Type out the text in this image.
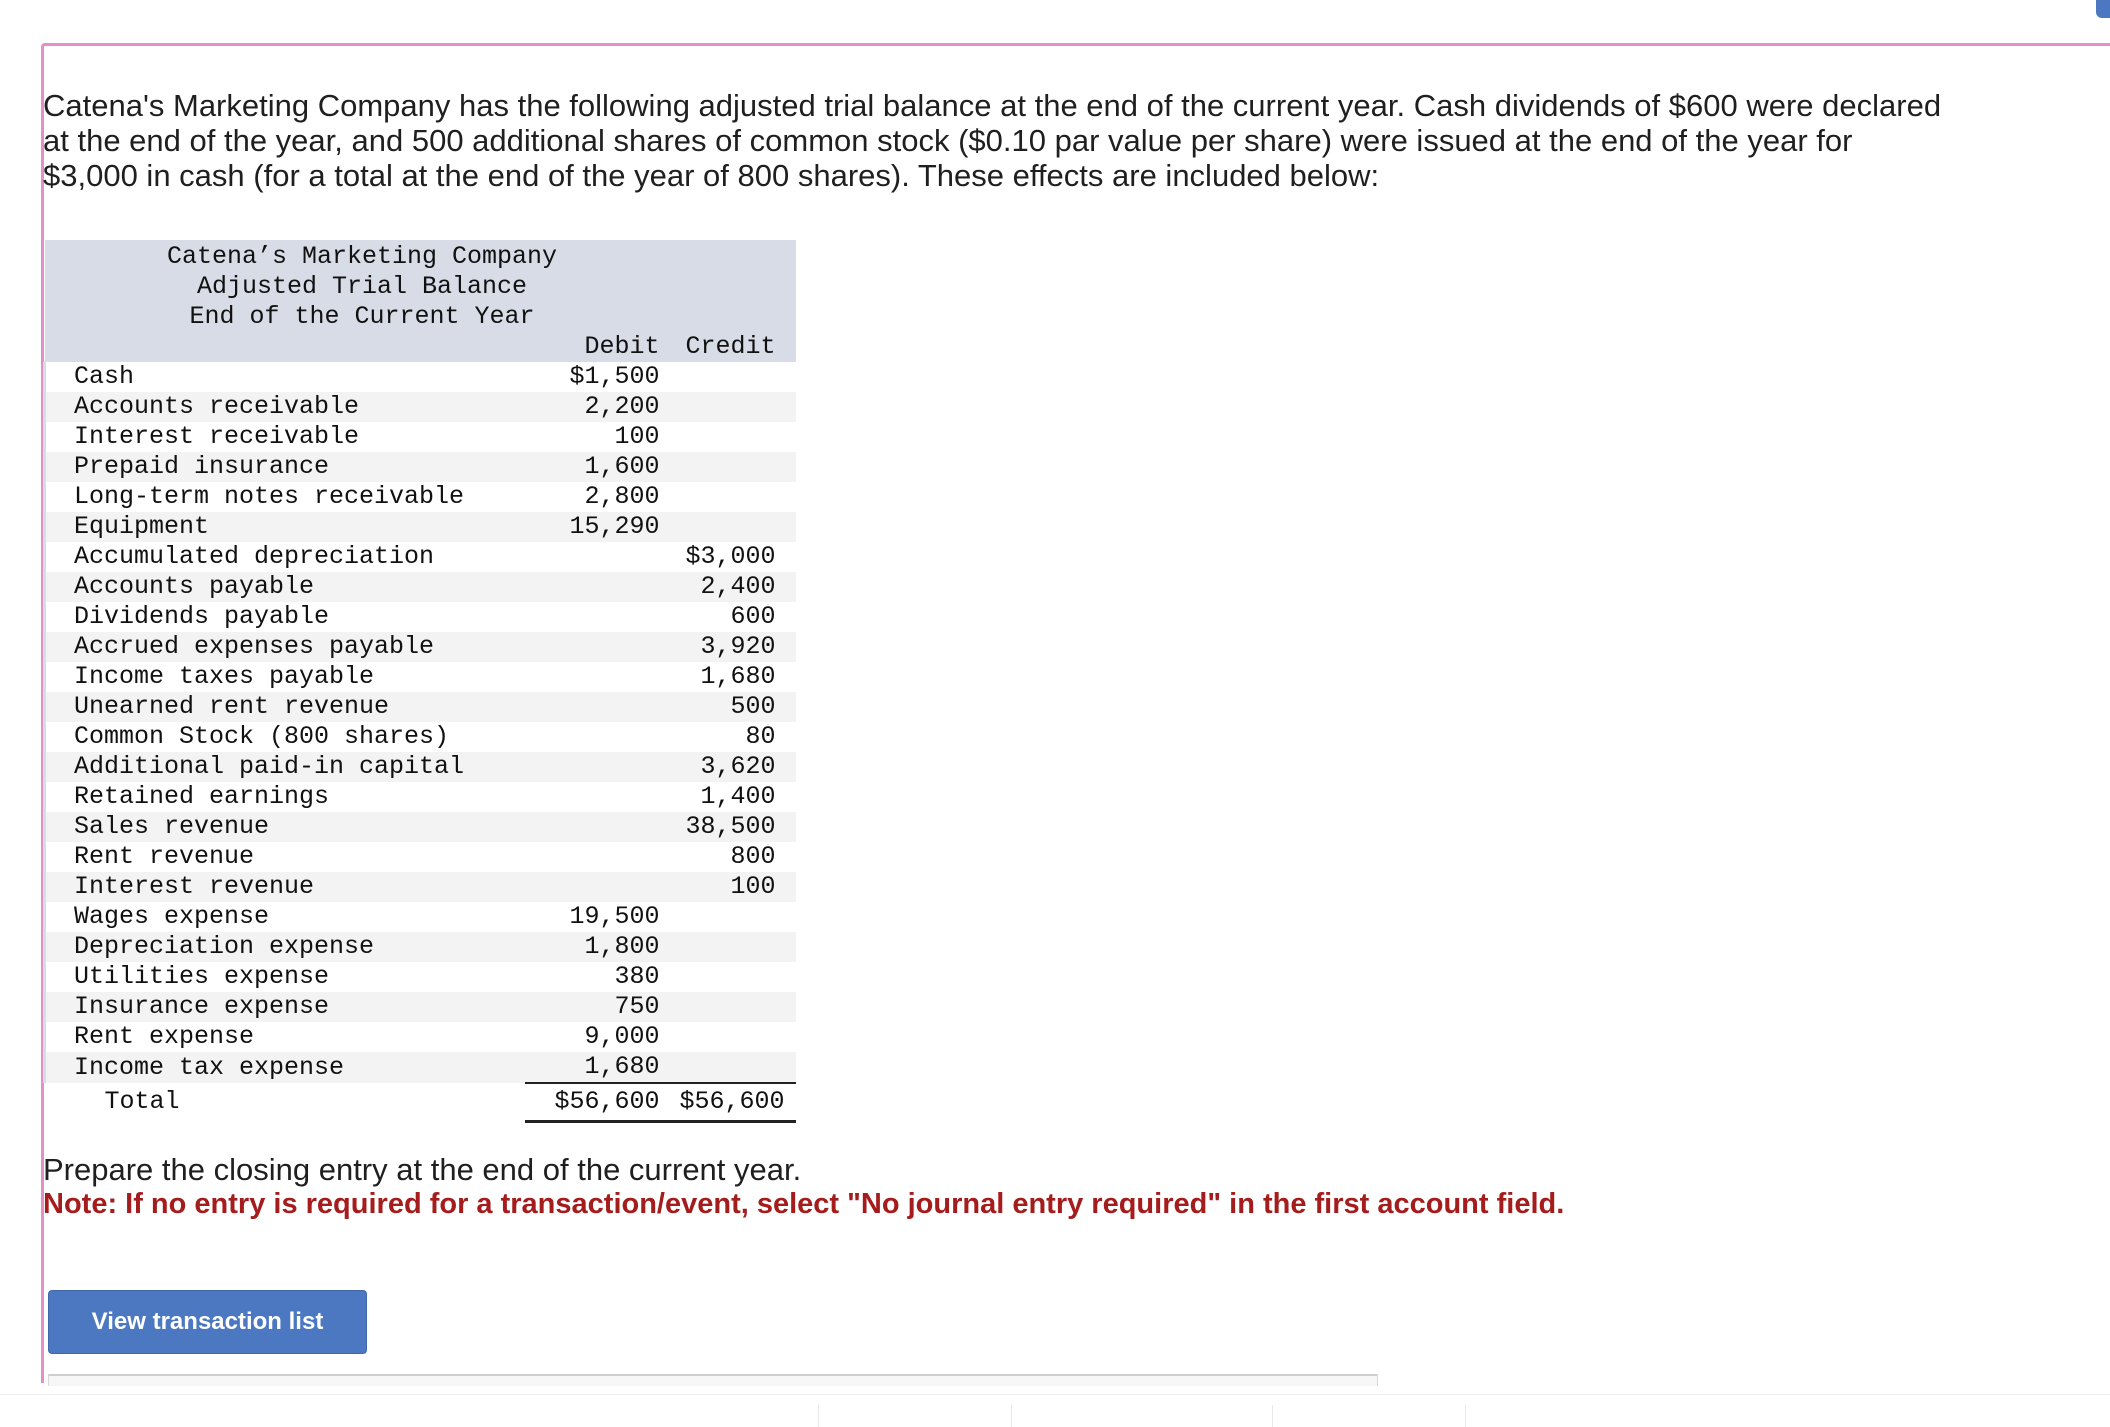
Catena's Marketing Company has the following adjusted trial balance at the end of the current year. Cash dividends of $600 were declared at the end of the year, and 500 additional shares of common stock ($0.10 par value per share) were issued at the end of the year for $3,000 in cash (for a total at the end of the year of 800 shares). These effects are included below:

Catena’s Marketing Company		
Adjusted Trial Balance		
End of the Current Year		
	Debit	Credit
Cash	$1,500	
Accounts receivable	2,200	
Interest receivable	100	
Prepaid insurance	1,600	
Long-term notes receivable	2,800	
Equipment	15,290	
Accumulated depreciation		$3,000
Accounts payable		2,400
Dividends payable		600
Accrued expenses payable		3,920
Income taxes payable		1,680
Unearned rent revenue		500
Common Stock (800 shares)		80
Additional paid-in capital		3,620
Retained earnings		1,400
Sales revenue		38,500
Rent revenue		800
Interest revenue		100
Wages expense	19,500	
Depreciation expense	1,800	
Utilities expense	380	
Insurance expense	750	
Rent expense	9,000	
Income tax expense	1,680	
Total	$56,600	$56,600

Prepare the closing entry at the end of the current year.

Note: If no entry is required for a transaction/event, select "No journal entry required" in the first account field.

View transaction list
